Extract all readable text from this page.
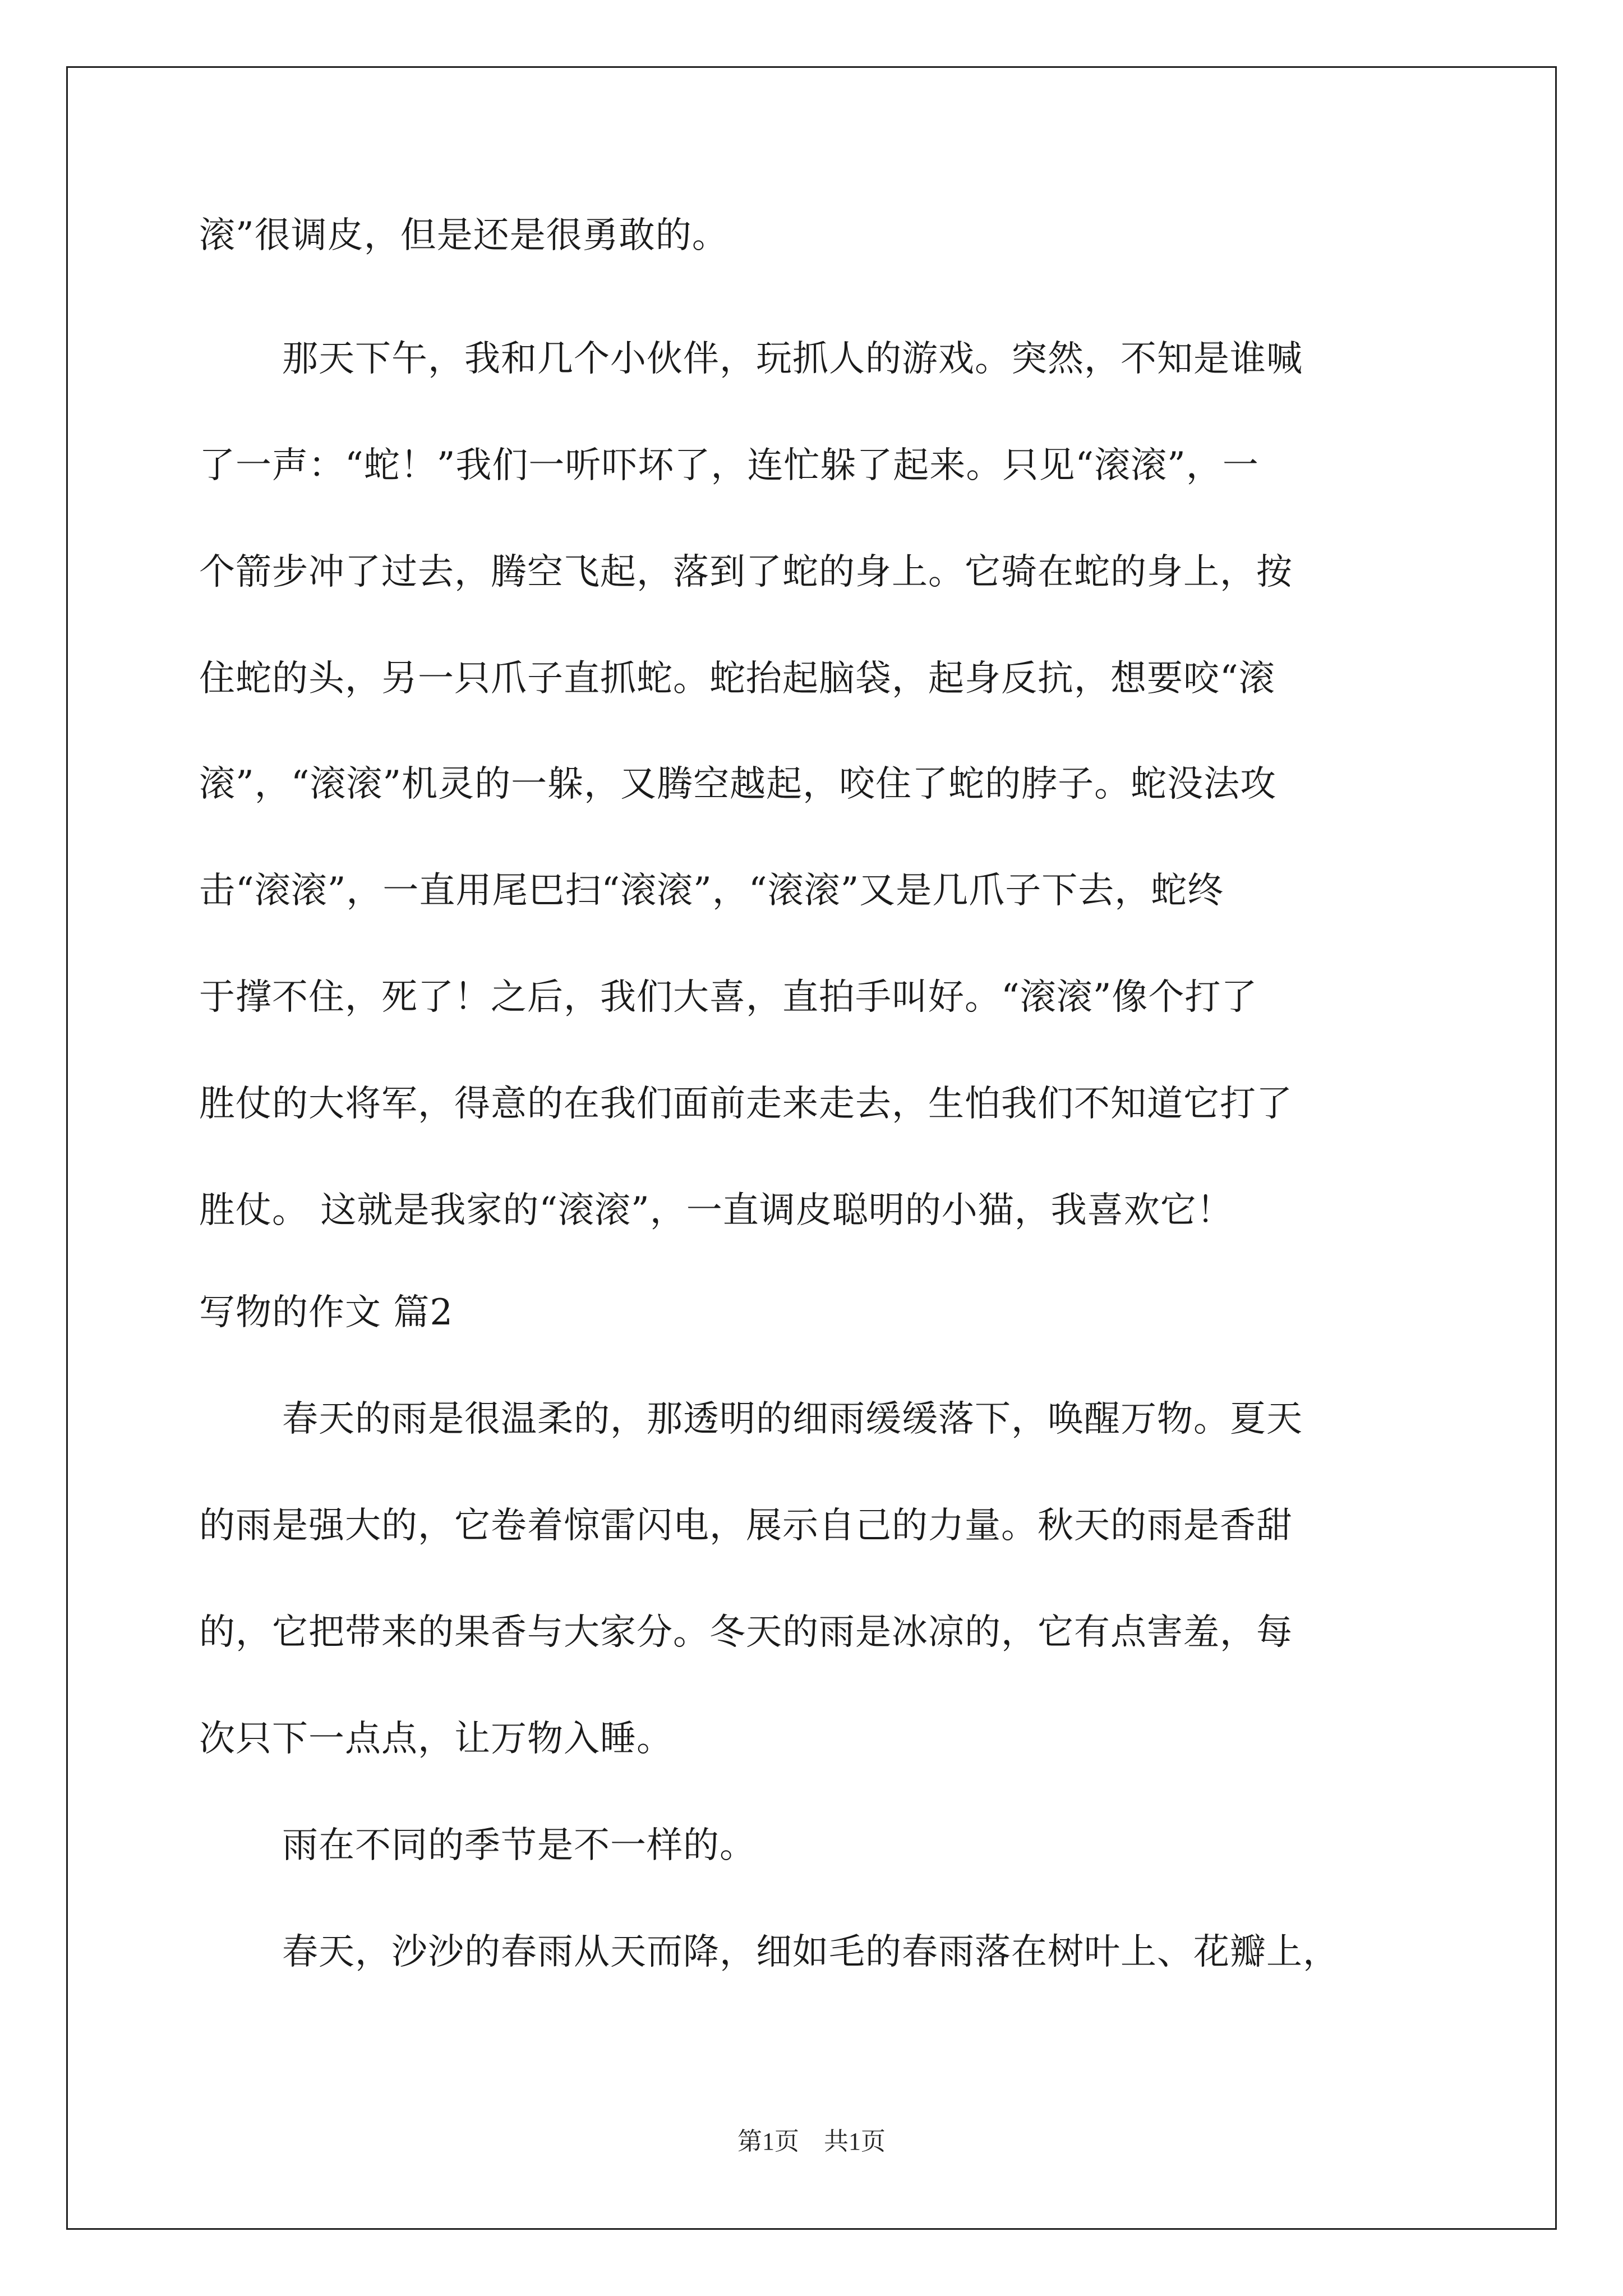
滚”很调皮，但是还是很勇敢的。
那天下午，我和几个小伙伴，玩抓人的游戏。突然，不知是谁喊
了一声：“蛇！”我们一听吓坏了，连忙躲了起来。只见“滚滚”，一
个箭步冲了过去，腾空飞起，落到了蛇的身上。它骑在蛇的身上，按
住蛇的头，另一只爪子直抓蛇。蛇抬起脑袋，起身反抗，想要咬“滚
滚”，“滚滚”机灵的一躲，又腾空越起，咬住了蛇的脖子。蛇没法攻
击“滚滚”，一直用尾巴扫“滚滚”，“滚滚”又是几爪子下去，蛇终
于撑不住，死了！之后，我们大喜，直拍手叫好。“滚滚”像个打了
胜仗的大将军，得意的在我们面前走来走去，生怕我们不知道它打了
胜仗。 这就是我家的“滚滚”，一直调皮聪明的小猫，我喜欢它！
写物的作文 篇2
春天的雨是很温柔的，那透明的细雨缓缓落下，唤醒万物。夏天
的雨是强大的，它卷着惊雷闪电，展示自己的力量。秋天的雨是香甜
的，它把带来的果香与大家分。冬天的雨是冰凉的，它有点害羞，每
次只下一点点，让万物入睡。
雨在不同的季节是不一样的。
春天，沙沙的春雨从天而降，细如毛的春雨落在树叶上、花瓣上，
第1页　共1页
